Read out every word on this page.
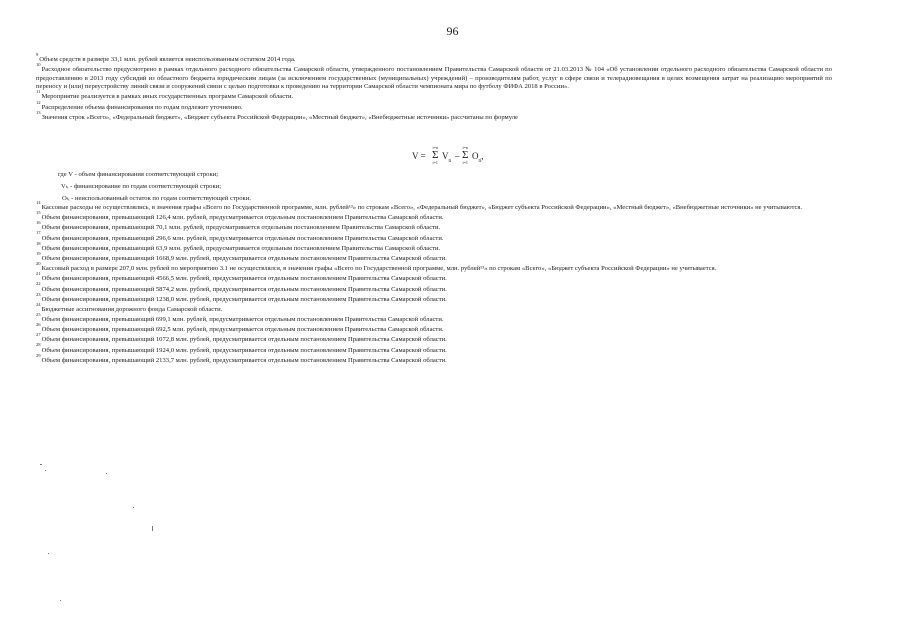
96

$^9$Объем средств в размере 33,1 млн. рублей является неиспользованным остатком 2014 года.

$^{10}$Расходное обязательство предусмотрено в рамках отдельного расходного обязательства Самарской области, утвержденного постановлением Правительства Самарской области от 21.03.2013 № 104 «Об установлении отдельного расходного обязательства Самарской области по предоставлению в 2013 году субсидий из областного бюджета юридическим лицам (за исключением государственных (муниципальных) учреждений) – производителям работ, услуг в сфере связи и телерадиовещания в целях возмещения затрат на реализацию мероприятий по переносу и (или) переустройству линий связи и сооружений связи с целью подготовки к проведению на территории Самарской области чемпионата мира по футболу ФИФА 2018 в России».

$^{11}$Мероприятие реализуется в рамках иных государственных программ Самарской области.

$^{12}$Распределение объема финансирования по годам подлежит уточнению.

$^{13}$Значения строк «Всего», «Федеральный бюджет», «Бюджет субъекта Российской Федерации», «Местный бюджет», «Внебюджетные источники» рассчитаны по формуле

V =
i=n
Σ
i=1
$V_{ti}$
–
i=n
Σ
i=1
$O_{ti}$,
где V - объем финансирования соответствующей строки;
Vₜᵢ - финансирование по годам соответствующей строки;
Oₜᵢ - неиспользованный остаток по годам соответствующей строки.

$^{14}$Кассовые расходы не осуществлялись, в значения графы «Всего по Государственной программе, млн. рублей¹³» по строкам «Всего», «Федеральный бюджет», «Бюджет субъекта Российской Федерации», «Местный бюджет», «Внебюджетные источники» не учитываются.

$^{15}$Объем финансирования, превышающий 126,4 млн. рублей, предусматривается отдельным постановлением Правительства Самарской области.

$^{16}$Объем финансирования, превышающий 70,1 млн. рублей, предусматривается отдельным постановлением Правительства Самарской области.

$^{17}$Объем финансирования, превышающий 296,6 млн. рублей, предусматривается отдельным постановлением Правительства Самарской области.

$^{18}$Объем финансирования, превышающий 63,9 млн. рублей, предусматривается отдельным постановлением Правительства Самарской области.

$^{19}$Объем финансирования, превышающий 1668,9 млн. рублей, предусматривается отдельным постановлением Правительства Самарской области.

$^{20}$Кассовый расход в размере 207,0 млн. рублей по мероприятию 3.1 не осуществлялся, в значения графы «Всего по Государственной программе, млн. рублей¹³» по строкам «Всего», «Бюджет субъекта Российской Федерации» не учитывается.

$^{21}$Объем финансирования, превышающий 4566,5 млн. рублей, предусматривается отдельным постановлением Правительства Самарской области.

$^{22}$Объем финансирования, превышающий 5874,2 млн. рублей, предусматривается отдельным постановлением Правительства Самарской области.

$^{23}$Объем финансирования, превышающий 1238,0 млн. рублей, предусматривается отдельным постановлением Правительства Самарской области.

$^{24}$Бюджетные ассигнования дорожного фонда Самарской области.

$^{25}$Объем финансирования, превышающий 699,1 млн. рублей, предусматривается отдельным постановлением Правительства Самарской области.

$^{26}$Объем финансирования, превышающий 692,5 млн. рублей, предусматривается отдельным постановлением Правительства Самарской области.

$^{27}$Объем финансирования, превышающий 1072,8 млн. рублей, предусматривается отдельным постановлением Правительства Самарской области.

$^{28}$Объем финансирования, превышающий 1924,0 млн. рублей, предусматривается отдельным постановлением Правительства Самарской области.

$^{29}$Объем финансирования, превышающий 2133,7 млн. рублей, предусматривается отдельным постановлением Правительства Самарской области.
